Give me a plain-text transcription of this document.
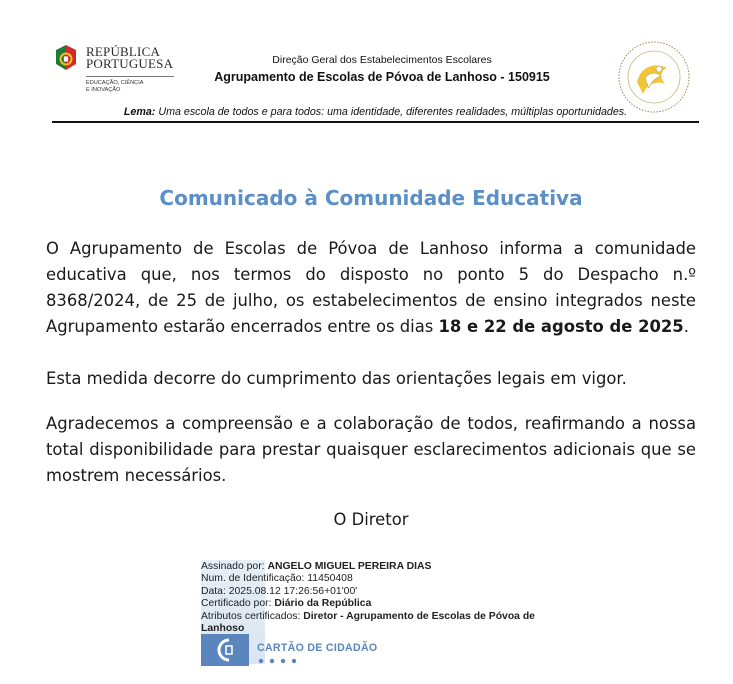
REPÚBLICA
PORTUGUESA
EDUCAÇÃO, CIÊNCIA
E INOVAÇÃO
Direção Geral dos Estabelecimentos Escolares
Agrupamento de Escolas de Póvoa de Lanhoso - 150915
Lema: Uma escola de todos e para todos: uma identidade, diferentes realidades, múltiplas oportunidades.
Comunicado à Comunidade Educativa
O Agrupamento de Escolas de Póvoa de Lanhoso informa a comunidade educativa que, nos termos do disposto no ponto 5 do Despacho n.º 8368/2024, de 25 de julho, os estabelecimentos de ensino integrados neste Agrupamento estarão encerrados entre os dias 18 e 22 de agosto de 2025.
Esta medida decorre do cumprimento das orientações legais em vigor.
Agradecemos a compreensão e a colaboração de todos, reafirmando a nossa total disponibilidade para prestar quaisquer esclarecimentos adicionais que se mostrem necessários.
O Diretor
Assinado por: ANGELO MIGUEL PEREIRA DIAS
Num. de Identificação: 11450408
Data: 2025.08.12 17:26:56+01'00'
Certificado por: Diário da República
Atributos certificados: Diretor - Agrupamento de Escolas de Póvoa de Lanhoso
CARTÃO DE CIDADÃO
